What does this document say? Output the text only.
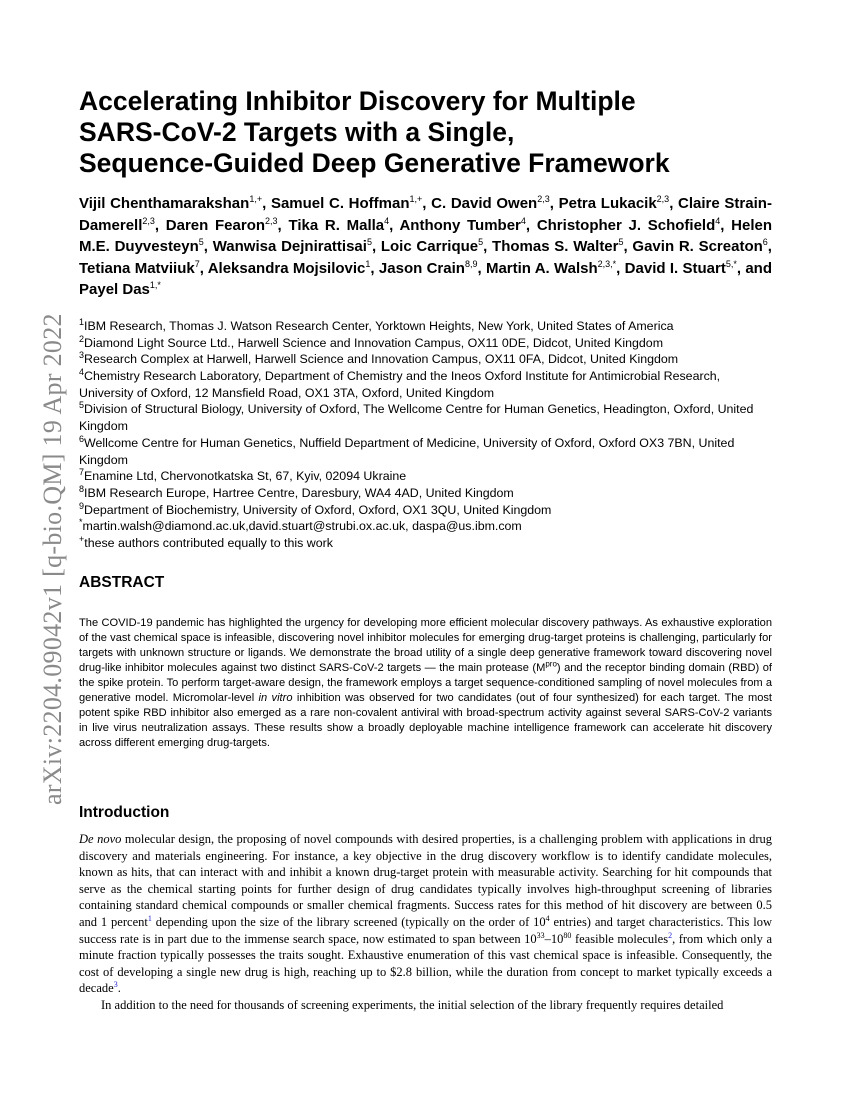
arXiv:2204.09042v1 [q-bio.QM] 19 Apr 2022
Accelerating Inhibitor Discovery for Multiple
SARS-CoV-2 Targets with a Single,
Sequence-Guided Deep Generative Framework
Vijil Chenthamarakshan$^{1,+}$, Samuel C. Hoffman$^{1,+}$, C. David Owen$^{2,3}$, Petra Lukacik$^{2,3}$, Claire Strain-Damerell$^{2,3}$, Daren Fearon$^{2,3}$, Tika R. Malla$^4$, Anthony Tumber$^4$, Christopher J. Schofield$^4$, Helen M.E. Duyvesteyn$^5$, Wanwisa Dejnirattisai$^5$, Loic Carrique$^5$, Thomas S. Walter$^5$, Gavin R. Screaton$^6$, Tetiana Matviiuk$^7$, Aleksandra Mojsilovic$^1$, Jason Crain$^{8,9}$, Martin A. Walsh$^{2,3,*}$, David I. Stuart$^{5,*}$, and Payel Das$^{1,*}$
$^1$IBM Research, Thomas J. Watson Research Center, Yorktown Heights, New York, United States of America
$^2$Diamond Light Source Ltd., Harwell Science and Innovation Campus, OX11 0DE, Didcot, United Kingdom
$^3$Research Complex at Harwell, Harwell Science and Innovation Campus, OX11 0FA, Didcot, United Kingdom
$^4$Chemistry Research Laboratory, Department of Chemistry and the Ineos Oxford Institute for Antimicrobial Research, University of Oxford, 12 Mansfield Road, OX1 3TA, Oxford, United Kingdom
$^5$Division of Structural Biology, University of Oxford, The Wellcome Centre for Human Genetics, Headington, Oxford, United Kingdom
$^6$Wellcome Centre for Human Genetics, Nuffield Department of Medicine, University of Oxford, Oxford OX3 7BN, United Kingdom
$^7$Enamine Ltd, Chervonotkatska St, 67, Kyiv, 02094 Ukraine
$^8$IBM Research Europe, Hartree Centre, Daresbury, WA4 4AD, United Kingdom
$^9$Department of Biochemistry, University of Oxford, Oxford, OX1 3QU, United Kingdom
*martin.walsh@diamond.ac.uk,david.stuart@strubi.ox.ac.uk, daspa@us.ibm.com
+these authors contributed equally to this work
ABSTRACT
The COVID-19 pandemic has highlighted the urgency for developing more efficient molecular discovery pathways. As exhaustive exploration of the vast chemical space is infeasible, discovering novel inhibitor molecules for emerging drug-target proteins is challenging, particularly for targets with unknown structure or ligands. We demonstrate the broad utility of a single deep generative framework toward discovering novel drug-like inhibitor molecules against two distinct SARS-CoV-2 targets — the main protease $(M^{pro})$ and the receptor binding domain (RBD) of the spike protein. To perform target-aware design, the framework employs a target sequence-conditioned sampling of novel molecules from a generative model. Micromolar-level in vitro inhibition was observed for two candidates (out of four synthesized) for each target. The most potent spike RBD inhibitor also emerged as a rare non-covalent antiviral with broad-spectrum activity against several SARS-CoV-2 variants in live virus neutralization assays. These results show a broadly deployable machine intelligence framework can accelerate hit discovery across different emerging drug-targets.
Introduction

De novo molecular design, the proposing of novel compounds with desired properties, is a challenging problem with applications in drug discovery and materials engineering. For instance, a key objective in the drug discovery workflow is to identify candidate molecules, known as hits, that can interact with and inhibit a known drug-target protein with measurable activity. Searching for hit compounds that serve as the chemical starting points for further design of drug candidates typically involves high-throughput screening of libraries containing standard chemical compounds or smaller chemical fragments. Success rates for this method of hit discovery are between 0.5 and 1 percent$^1$ depending upon the size of the library screened (typically on the order of $10^4$ entries) and target characteristics. This low success rate is in part due to the immense search space, now estimated to span between $10^{33}-10^{80}$ feasible molecules$^2$, from which only a minute fraction typically possesses the traits sought. Exhaustive enumeration of this vast chemical space is infeasible. Consequently, the cost of developing a single new drug is high, reaching up to $2.8 billion, while the duration from concept to market typically exceeds a decade$^3$.

In addition to the need for thousands of screening experiments, the initial selection of the library frequently requires detailed
